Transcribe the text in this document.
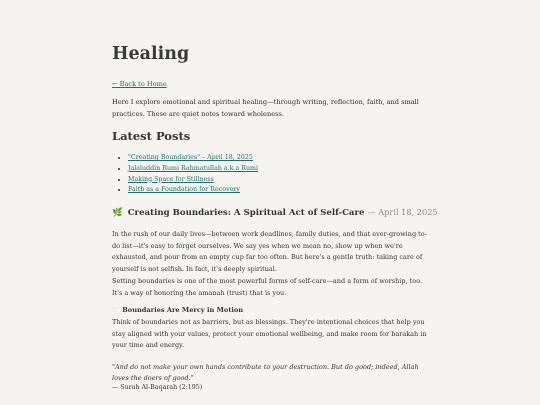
Healing
← Back to Home

Here I explore emotional and spiritual healing—through writing, reflection, faith, and small practices. These are quiet notes toward wholeness.

Latest Posts
• "Creating Boundaries" – April 18, 2025
• Jalaluddin Rumi Rahmatullah a.k.a Rumi
• Making Space for Stillness
• Faith as a Foundation for Recovery
🌿 Creating Boundaries: A Spiritual Act of Self-Care — April 18, 2025

In the rush of our daily lives—between work deadlines, family duties, and that ever-growing to-do list—it's easy to forget ourselves. We say yes when we mean no, show up when we're exhausted, and pour from an empty cup far too often. But here's a gentle truth: taking care of yourself is not selfish. In fact, it's deeply spiritual.

Setting boundaries is one of the most powerful forms of self-care—and a form of worship, too. It's a way of honoring the amanah (trust) that is you.

♡ Boundaries Are Mercy in Motion

Think of boundaries not as barriers, but as blessings. They're intentional choices that help you stay aligned with your values, protect your emotional wellbeing, and make room for barakah in your time and energy.

"And do not make your own hands contribute to your destruction. But do good; indeed, Allah loves the doers of good."

— Surah Al-Baqarah (2:195)
